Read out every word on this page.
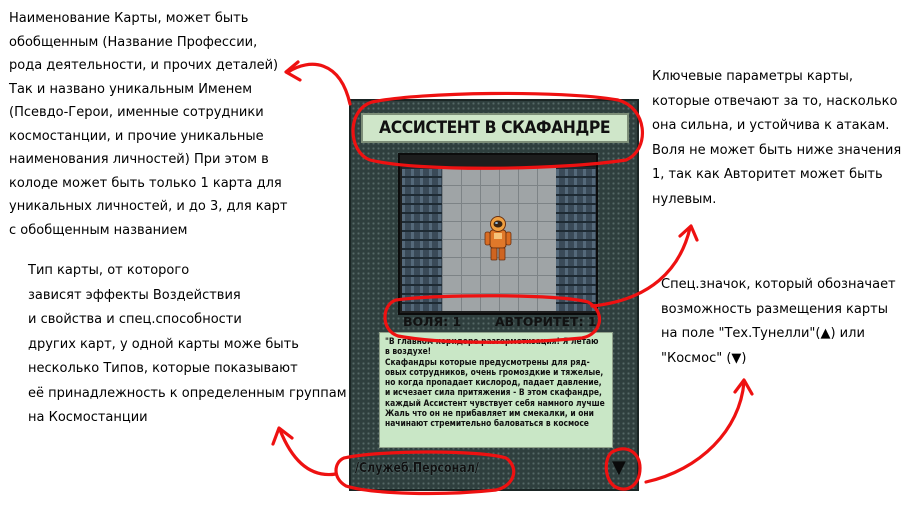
Наименование Карты, может быть
обобщенным (Название Профессии,
рода деятельности, и прочих деталей)
Так и названо уникальным Именем
(Псевдо-Герои, именные сотрудники
космостанции, и прочие уникальные
наименования личностей) При этом в
колоде может быть только 1 карта для
уникальных личностей, и до 3, для карт
с обобщенным названием

Тип карты, от которого
зависят эффекты Воздействия
и свойства и спец.способности
других карт, у одной карты може быть
несколько Типов, которые показывают
её принадлежность к определенным группам
на Космостанции

Ключевые параметры карты,
которые отвечают за то, насколько
она сильна, и устойчива к атакам.
Воля не может быть ниже значения
1, так как Авторитет может быть
нулевым.

Спец.значок, который обозначает
возможность размещения карты
на поле "Тех.Тунелли"(▲) или
"Космос" (▼)

АССИСТЕНТ В СКАФАНДРЕ
ВОЛЯ: 1	АВТОРИТЕТ: 1
"В главном коридоре разгерметизация! Я летаю
в воздухе!
Скафандры которые предусмотрены для ряд-
овых сотрудников, очень громоздкие и тяжелые,
но когда пропадает кислород, падает давление,
и исчезает сила притяжения - В этом скафандре,
каждый Ассистент чувствует себя намного лучше
Жаль что он не прибавляет им смекалки, и они
начинают стремительно баловаться в космосе
/Служеб.Персонал/	▼
